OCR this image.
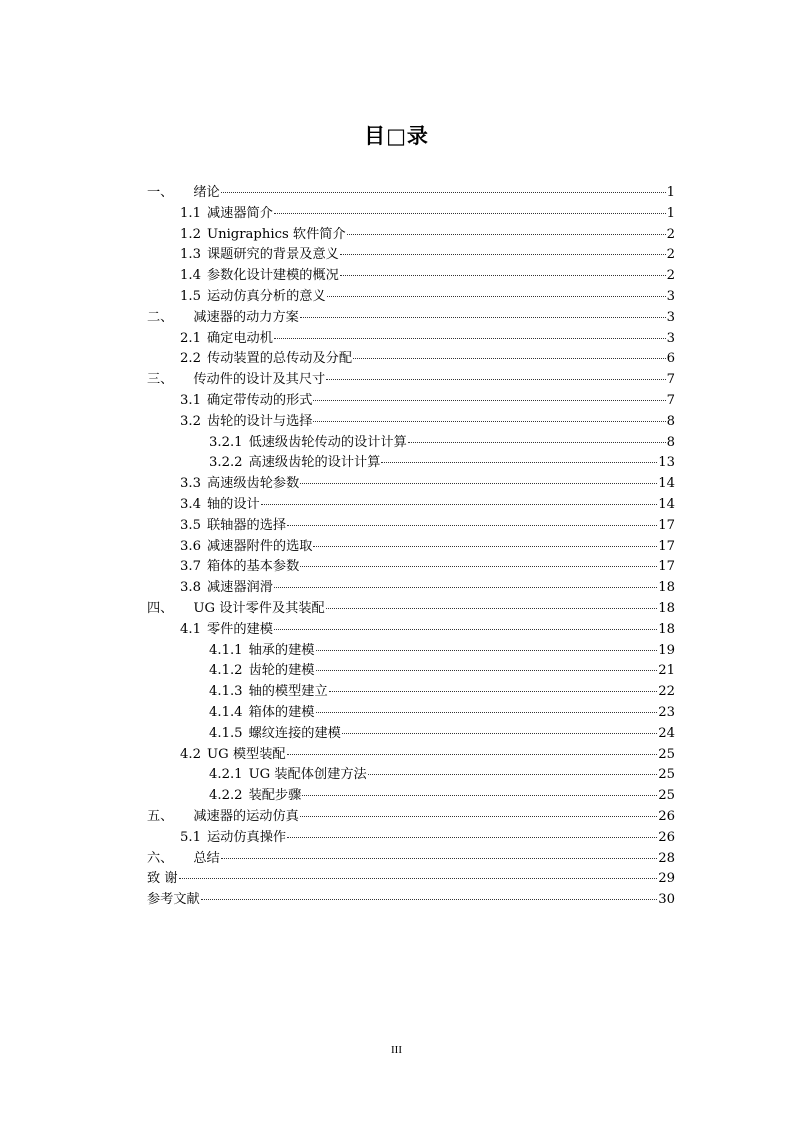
目□录
一、 绪论	1
1.1 减速器简介	1
1.2 Unigraphics 软件简介	2
1.3 课题研究的背景及意义	2
1.4 参数化设计建模的概况	2
1.5 运动仿真分析的意义	3
二、 减速器的动力方案	3
2.1 确定电动机	3
2.2 传动装置的总传动及分配	6
三、 传动件的设计及其尺寸	7
3.1 确定带传动的形式	7
3.2 齿轮的设计与选择	8
3.2.1 低速级齿轮传动的设计计算	8
3.2.2 高速级齿轮的设计计算	13
3.3 高速级齿轮参数	14
3.4 轴的设计	14
3.5 联轴器的选择	17
3.6 减速器附件的选取	17
3.7 箱体的基本参数	17
3.8 减速器润滑	18
四、 UG 设计零件及其装配	18
4.1 零件的建模	18
4.1.1 轴承的建模	19
4.1.2 齿轮的建模	21
4.1.3 轴的模型建立	22
4.1.4 箱体的建模	23
4.1.5 螺纹连接的建模	24
4.2 UG 模型装配	25
4.2.1 UG 装配体创建方法	25
4.2.2 装配步骤	25
五、 减速器的运动仿真	26
5.1 运动仿真操作	26
六、 总结	28
致 谢	29
参考文献	30
III
